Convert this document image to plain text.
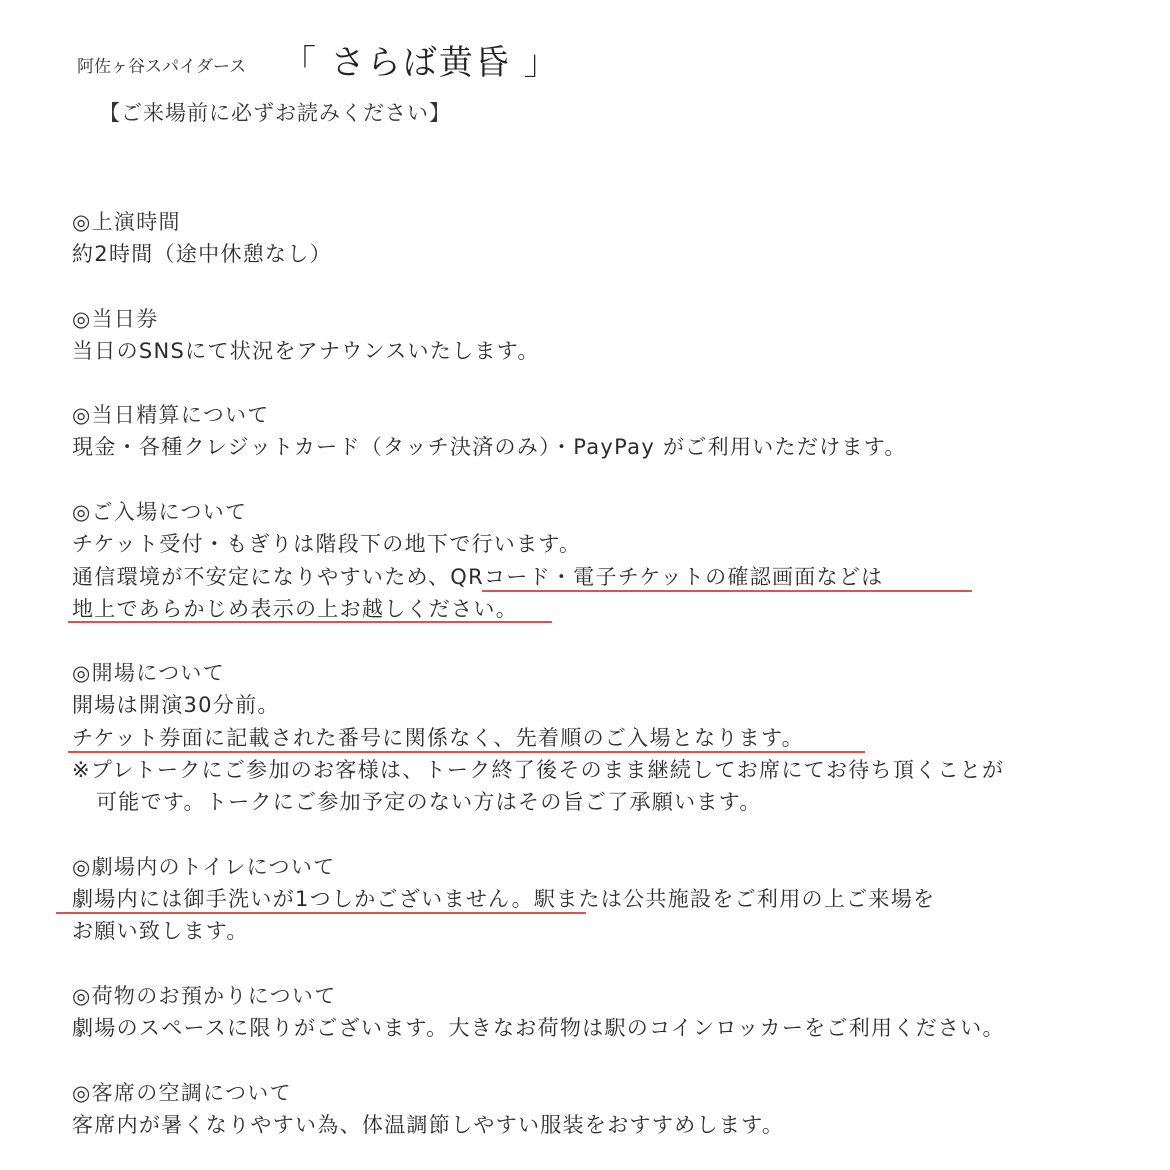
阿佐ヶ谷スパイダース 「 さらば黄昏 」
【ご来場前に必ずお読みください】
◎上演時間
約2時間（途中休憩なし）
◎当日券
当日のSNSにて状況をアナウンスいたします。
◎当日精算について
現金・各種クレジットカード（タッチ決済のみ）・PayPay がご利用いただけます。
◎ご入場について
チケット受付・もぎりは階段下の地下で行います。
通信環境が不安定になりやすいため、QRコード・電子チケットの確認画面などは
地上であらかじめ表示の上お越しください。
◎開場について
開場は開演30分前。
チケット券面に記載された番号に関係なく、先着順のご入場となります。
※プレトークにご参加のお客様は、トーク終了後そのまま継続してお席にてお待ち頂くことが
可能です。トークにご参加予定のない方はその旨ご了承願います。
◎劇場内のトイレについて
劇場内には御手洗いが1つしかございません。駅または公共施設をご利用の上ご来場を
お願い致します。
◎荷物のお預かりについて
劇場のスペースに限りがございます。大きなお荷物は駅のコインロッカーをご利用ください。
◎客席の空調について
客席内が暑くなりやすい為、体温調節しやすい服装をおすすめします。
